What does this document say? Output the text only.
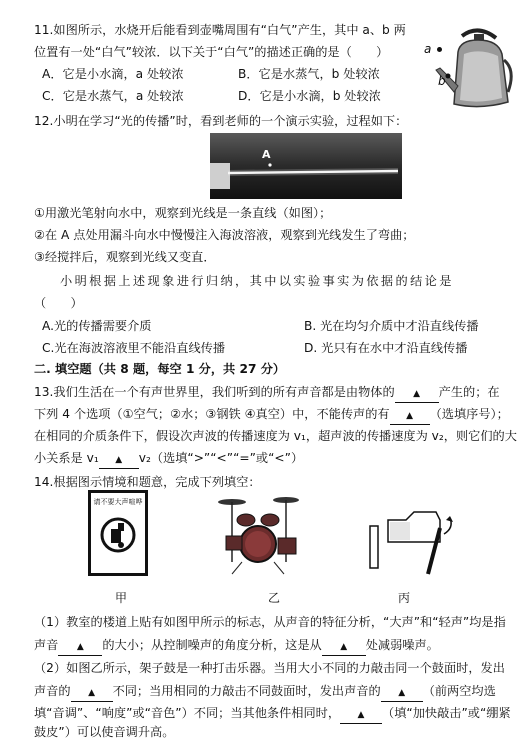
11.如图所示，水烧开后能看到壶嘴周围有“白气”产生，其中 a、b 两
位置有一处“白气”较浓．以下关于“白气”的描述正确的是（　　）
A．它是小水滴，a 处较浓	B．它是水蒸气，b 处较浓
C．它是水蒸气，a 处较浓	D．它是小水滴，b 处较浓
a
b
12.小明在学习“光的传播”时，看到老师的一个演示实验，过程如下：
A
①用激光笔射向水中，观察到光线是一条直线（如图）；
②在 A 点处用漏斗向水中慢慢注入海波溶液，观察到光线发生了弯曲；
③经搅拌后，观察到光线又变直．
小明根据上述现象进行归纳，其中以实验事实为依据的结论是
（　　）
A.光的传播需要介质	B. 光在均匀介质中才沿直线传播
C.光在海波溶液里不能沿直线传播	D. 光只有在水中才沿直线传播
二. 填空题（共 8 题，每空 1 分，共 27 分）
13.我们生活在一个有声世界里，我们听到的所有声音都是由物体的 ▲ 产生的；在
下列 4 个选项（①空气；②水；③钢铁 ④真空）中，不能传声的有 ▲ （选填序号）；
在相同的介质条件下，假设次声波的传播速度为 v₁，超声波的传播速度为 v₂，则它们的大
小关系是 v₁ ▲ v₂（选填“>”“<”“=”或“<”）
14.根据图示情境和题意，完成下列填空：
请不要大声喧哗
甲	乙	丙
（1）教室的楼道上贴有如图甲所示的标志，从声音的特征分析，“大声”和“轻声”均是指
声音 ▲ 的大小；从控制噪声的角度分析，这是从 ▲ 处减弱噪声。
（2）如图乙所示，架子鼓是一种打击乐器。当用大小不同的力敲击同一个鼓面时，发出
声音的 ▲ 不同；当用相同的力敲击不同鼓面时，发出声音的 ▲ （前两空均选
填“音调”、“响度”或“音色”）不同；当其他条件相同时， ▲ （填“加快敲击”或“绷紧
鼓皮”）可以使音调升高。
